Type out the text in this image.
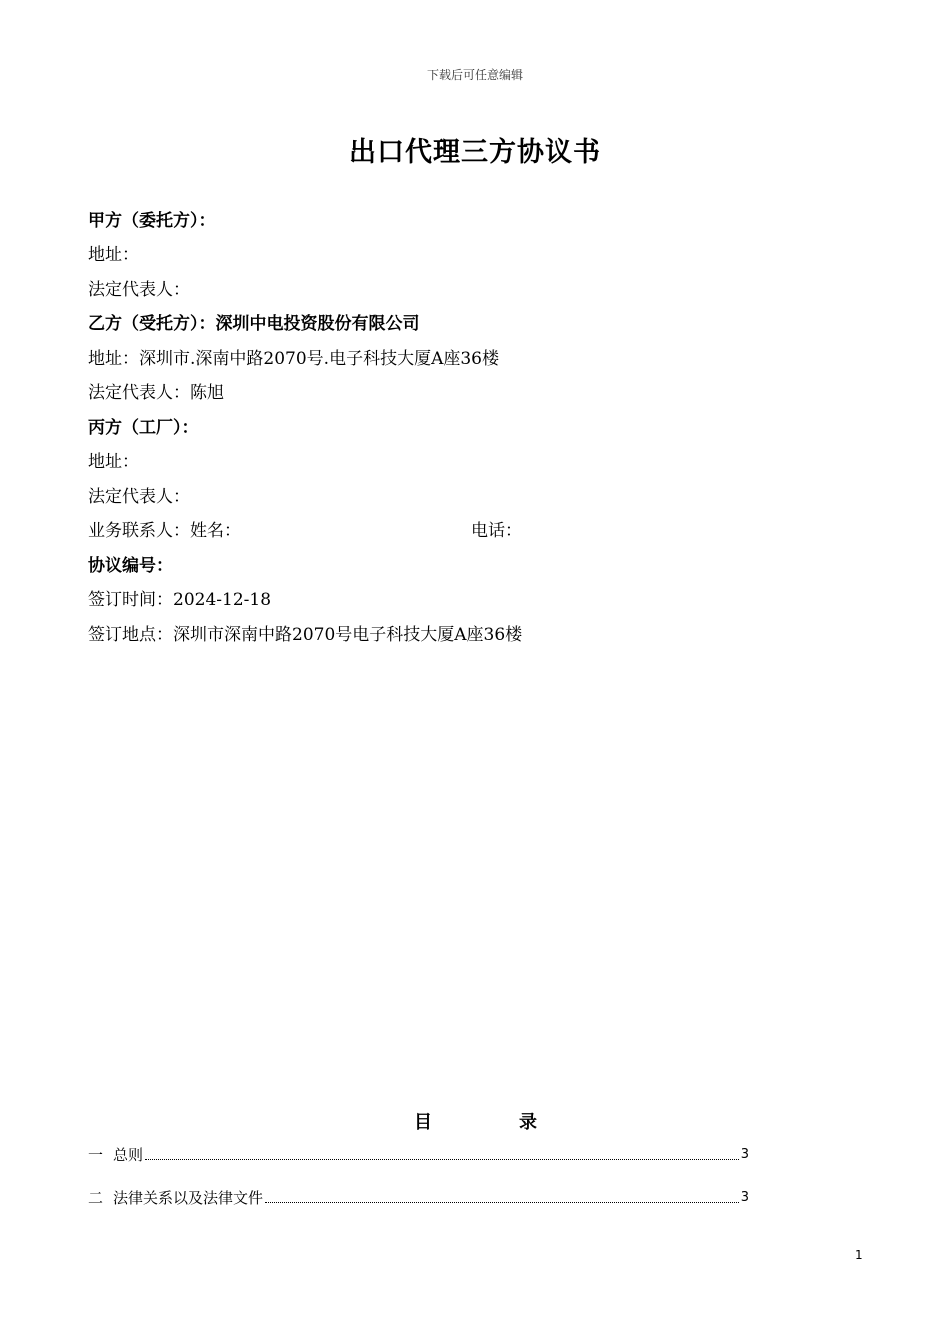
下载后可任意编辑
出口代理三方协议书
甲方（委托方）：
地址：
法定代表人：
乙方（受托方）：深圳中电投资股份有限公司
地址：深圳市.深南中路2070号.电子科技大厦A座36楼
法定代表人：陈旭
丙方（工厂）：
地址：
法定代表人：
业务联系人：姓名：	电话：
协议编号：
签订时间：2024-12-18
签订地点：深圳市深南中路2070号电子科技大厦A座36楼
目	录
一 总则	3
二 法律关系以及法律文件	3
1
